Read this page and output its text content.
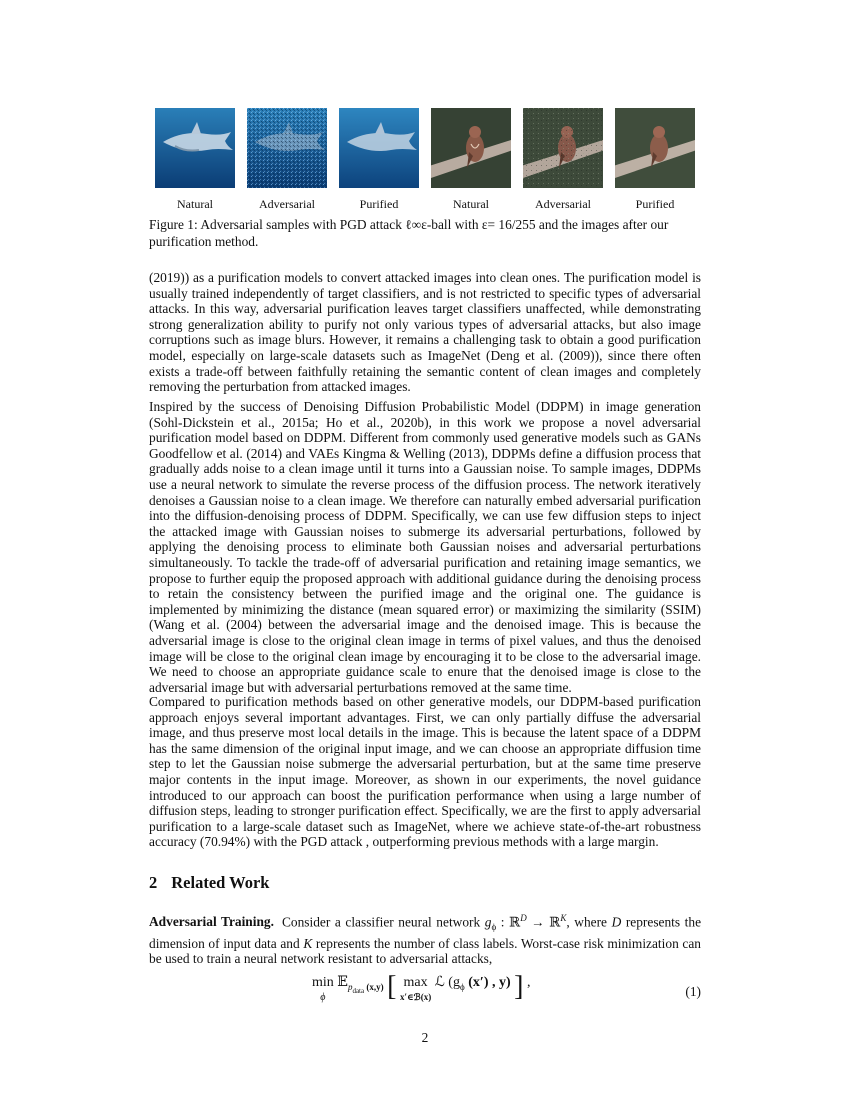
Natural	Adversarial	Purified	Natural	Adversarial	Purified
Figure 1: Adversarial samples with PGD attack ℓ∞ε-ball with ε= 16/255 and the images after our purification method.

(2019)) as a purification models to convert attacked images into clean ones. The purification model is usually trained independently of target classifiers, and is not restricted to specific types of adversarial attacks. In this way, adversarial purification leaves target classifiers unaffected, while demonstrating strong generalization ability to purify not only various types of adversarial attacks, but also image corruptions such as image blurs. However, it remains a challenging task to obtain a good purification model, especially on large-scale datasets such as ImageNet (Deng et al. (2009)), since there often exists a trade-off between faithfully retaining the semantic content of clean images and completely removing the perturbation from attacked images.

Inspired by the success of Denoising Diffusion Probabilistic Model (DDPM) in image generation (Sohl-Dickstein et al., 2015a; Ho et al., 2020b), in this work we propose a novel adversarial purification model based on DDPM. Different from commonly used generative models such as GANs Goodfellow et al. (2014) and VAEs Kingma & Welling (2013), DDPMs define a diffusion process that gradually adds noise to a clean image until it turns into a Gaussian noise. To sample images, DDPMs use a neural network to simulate the reverse process of the diffusion process. The network iteratively denoises a Gaussian noise to a clean image. We therefore can naturally embed adversarial purification into the diffusion-denoising process of DDPM. Specifically, we can use few diffusion steps to inject the attacked image with Gaussian noises to submerge its adversarial perturbations, followed by applying the denoising process to eliminate both Gaussian noises and adversarial perturbations simultaneously. To tackle the trade-off of adversarial purification and retaining image semantics, we propose to further equip the proposed approach with additional guidance during the denoising process to retain the consistency between the purified image and the original one. The guidance is implemented by minimizing the distance (mean squared error) or maximizing the similarity (SSIM)(Wang et al. (2004) between the adversarial image and the denoised image. This is because the adversarial image is close to the original clean image in terms of pixel values, and thus the denoised image will be close to the original clean image by encouraging it to be close to the adversarial image. We need to choose an appropriate guidance scale to enure that the denoised image is close to the adversarial image but with adversarial perturbations removed at the same time.

Compared to purification methods based on other generative models, our DDPM-based purification approach enjoys several important advantages. First, we can only partially diffuse the adversarial image, and thus preserve most local details in the image. This is because the latent space of a DDPM has the same dimension of the original input image, and we can choose an appropriate diffusion time step to let the Gaussian noise submerge the adversarial perturbation, but at the same time preserve major contents in the input image. Moreover, as shown in our experiments, the novel guidance introduced to our approach can boost the purification performance when using a large number of diffusion steps, leading to stronger purification effect. Specifically, we are the first to apply adversarial purification to a large-scale dataset such as ImageNet, where we achieve state-of-the-art robustness accuracy (70.94%) with the PGD attack , outperforming previous methods with a large margin.

2 Related Work

Adversarial Training. Consider a classifier neural network $g_\phi$ : ℝ$^D$ → ℝ$^K$, where D represents the dimension of input data and K represents the number of class labels. Worst-case risk minimization can be used to train a neural network resistant to adversarial attacks,

min
ϕ 𝔼$_{p_{data} (x,y)}$ [ max
x′∈ℬ(x) ℒ ($g_\phi$ (x′) , y) ] ,
(1)
2
